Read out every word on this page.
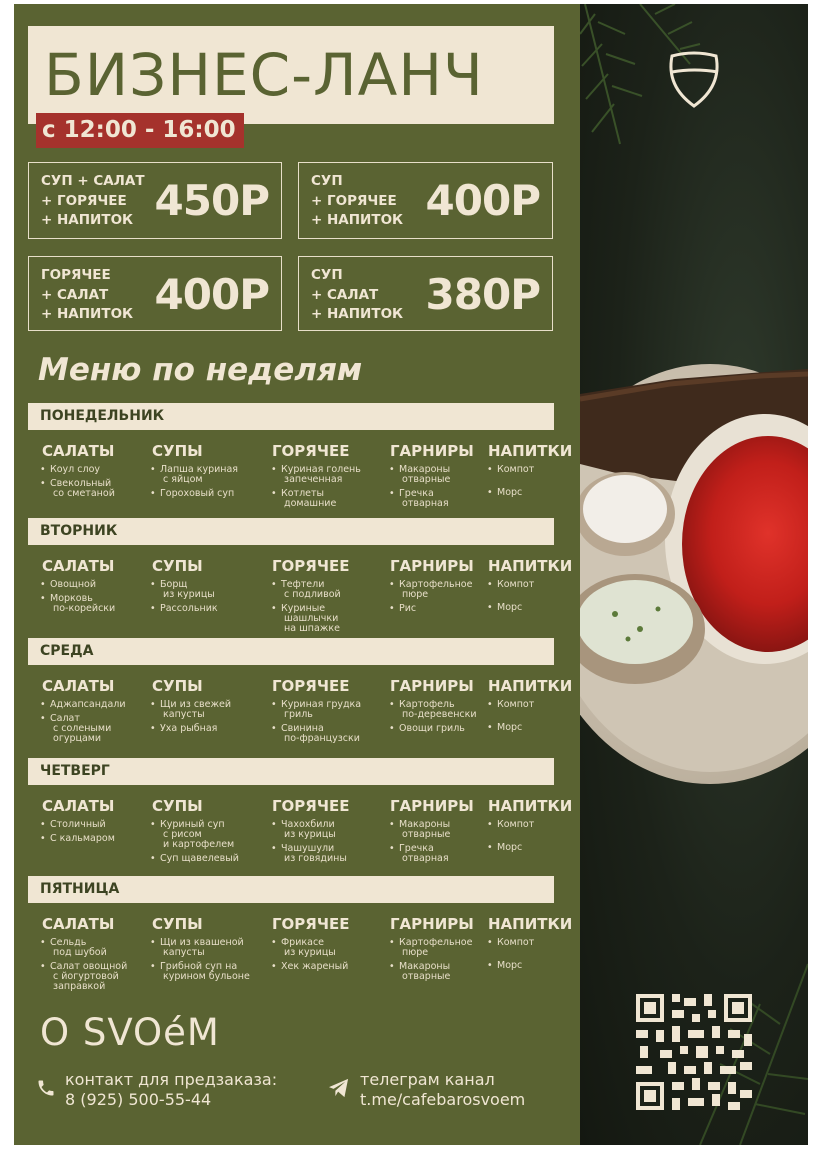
БИЗНЕС-ЛАНЧ
с 12:00 - 16:00
СУП + САЛАТ
+ ГОРЯЧЕЕ
+ НАПИТОК 450Р	СУП
+ ГОРЯЧЕЕ
+ НАПИТОК 400Р
ГОРЯЧЕЕ
+ САЛАТ
+ НАПИТОК 400Р	СУП
+ САЛАТ
+ НАПИТОК 380Р
Меню по неделям
ПОНЕДЕЛЬНИК
САЛАТЫ
• Коул слоу
• Свекольный
со сметаной
СУПЫ
• Лапша куриная
с яйцом
• Гороховый суп
ГОРЯЧЕЕ
• Куриная голень
запеченная
• Котлеты
домашние
ГАРНИРЫ
• Макароны
отварные
• Гречка
отварная
НАПИТКИ
• Компот
• Морс
ВТОРНИК
САЛАТЫ
• Овощной
• Морковь
по-корейски
СУПЫ
• Борщ
из курицы
• Рассольник
ГОРЯЧЕЕ
• Тефтели
с подливой
• Куриные
шашлычки
на шпажке
ГАРНИРЫ
• Картофельное
пюре
• Рис
НАПИТКИ
• Компот
• Морс
СРЕДА
САЛАТЫ
• Аджапсандали
• Салат
с солеными
огурцами
СУПЫ
• Щи из свежей
капусты
• Уха рыбная
ГОРЯЧЕЕ
• Куриная грудка
гриль
• Свинина
по-французски
ГАРНИРЫ
• Картофель
по-деревенски
• Овощи гриль
НАПИТКИ
• Компот
• Морс
ЧЕТВЕРГ
САЛАТЫ
• Столичный
• С кальмаром
СУПЫ
• Куриный суп
с рисом
и картофелем
• Суп щавелевый
ГОРЯЧЕЕ
• Чахохбили
из курицы
• Чашушули
из говядины
ГАРНИРЫ
• Макароны
отварные
• Гречка
отварная
НАПИТКИ
• Компот
• Морс
ПЯТНИЦА
САЛАТЫ
• Сельдь
под шубой
• Салат овощной
с йогуртовой
заправкой
СУПЫ
• Щи из квашеной
капусты
• Грибной суп на
курином бульоне
ГОРЯЧЕЕ
• Фрикасе
из курицы
• Хек жареный
ГАРНИРЫ
• Картофельное
пюре
• Макароны
отварные
НАПИТКИ
• Компот
• Морс
O SVOéM
контакт для предзаказа:
8 (925) 500-55-44
телеграм канал
t.me/cafebarosvoem
